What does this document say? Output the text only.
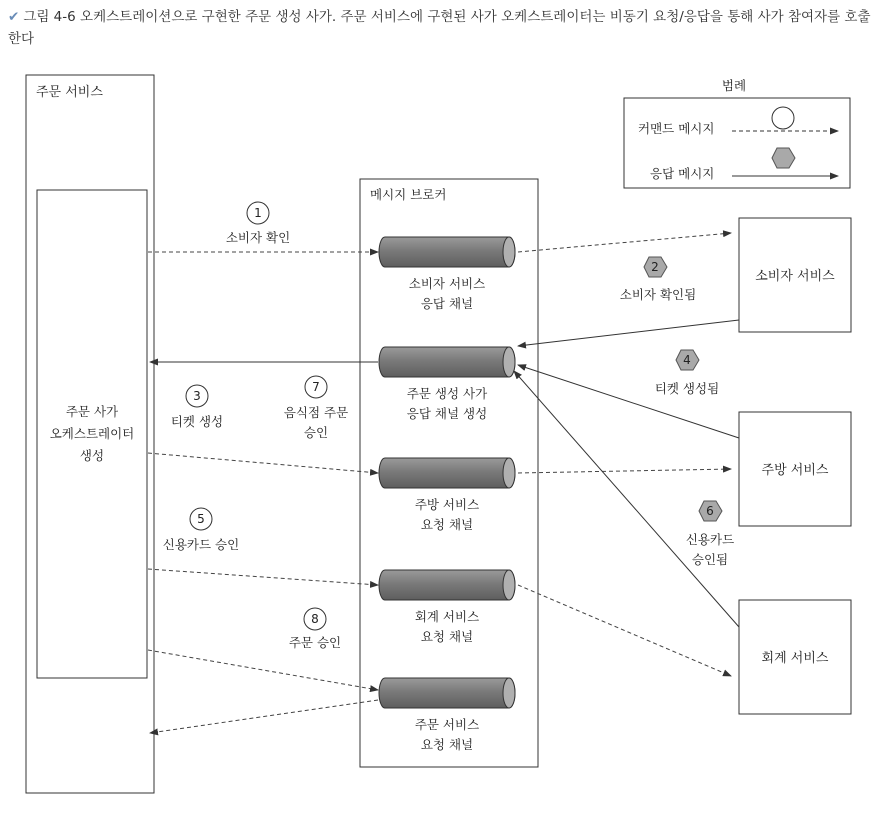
✔ 그림 4-6 오케스트레이션으로 구현한 주문 생성 사가. 주문 서비스에 구현된 사가 오케스트레이터는 비동기 요청/응답을 통해 사가 참여자를 호출한다
주문 서비스
주문 사가
오케스트레이터
생성
메시지 브로커
소비자 서비스
응답 채널
주문 생성 사가
응답 채널 생성
주방 서비스
요청 채널
회계 서비스
요청 채널
주문 서비스
요청 채널
소비자 서비스
주방 서비스
회계 서비스
범례
커맨드 메시지
응답 메시지
1
소비자 확인
2
소비자 확인됨
3
티켓 생성
4
티켓 생성됨
5
신용카드 승인
6
신용카드
승인됨
7
음식점 주문
승인
8
주문 승인
